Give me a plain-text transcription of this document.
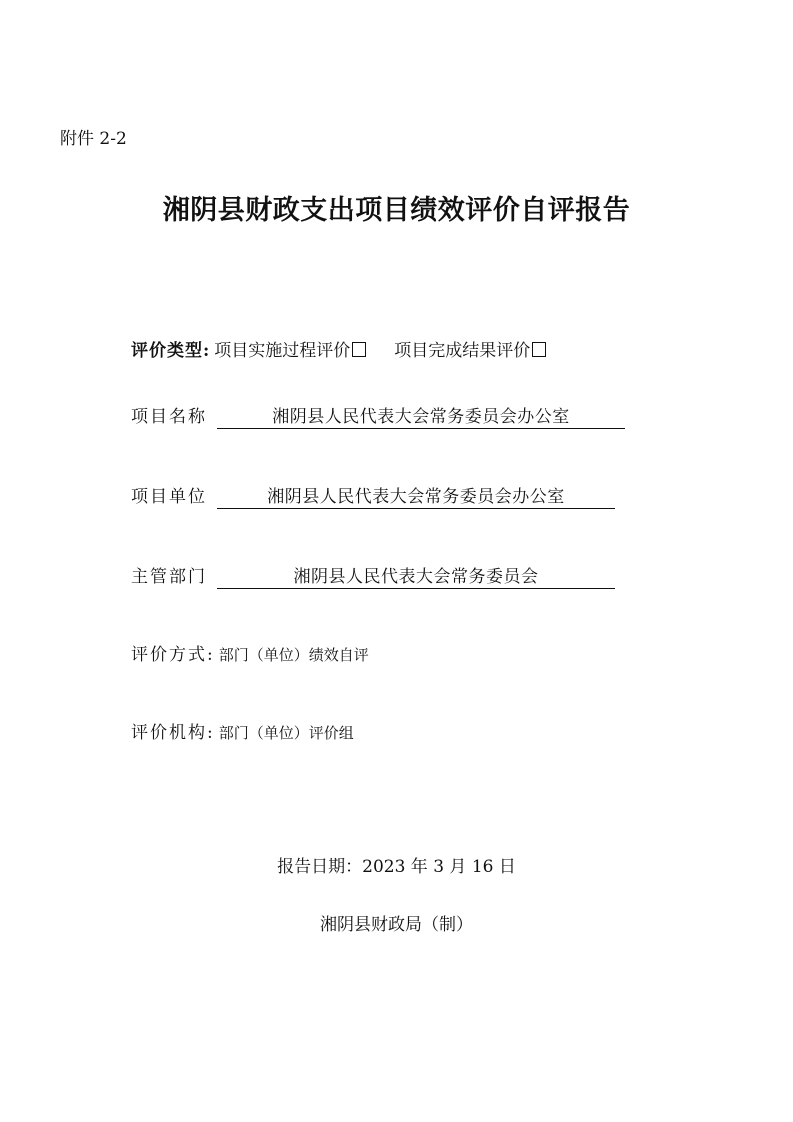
附件 2-2
湘阴县财政支出项目绩效评价自评报告
评价类型: 项目实施过程评价	项目完成结果评价
项目名称	湘阴县人民代表大会常务委员会办公室
项目单位	湘阴县人民代表大会常务委员会办公室
主管部门	湘阴县人民代表大会常务委员会
评价方式: 部门（单位）绩效自评
评价机构: 部门（单位）评价组
报告日期：2023 年 3 月 16 日
湘阴县财政局（制）
